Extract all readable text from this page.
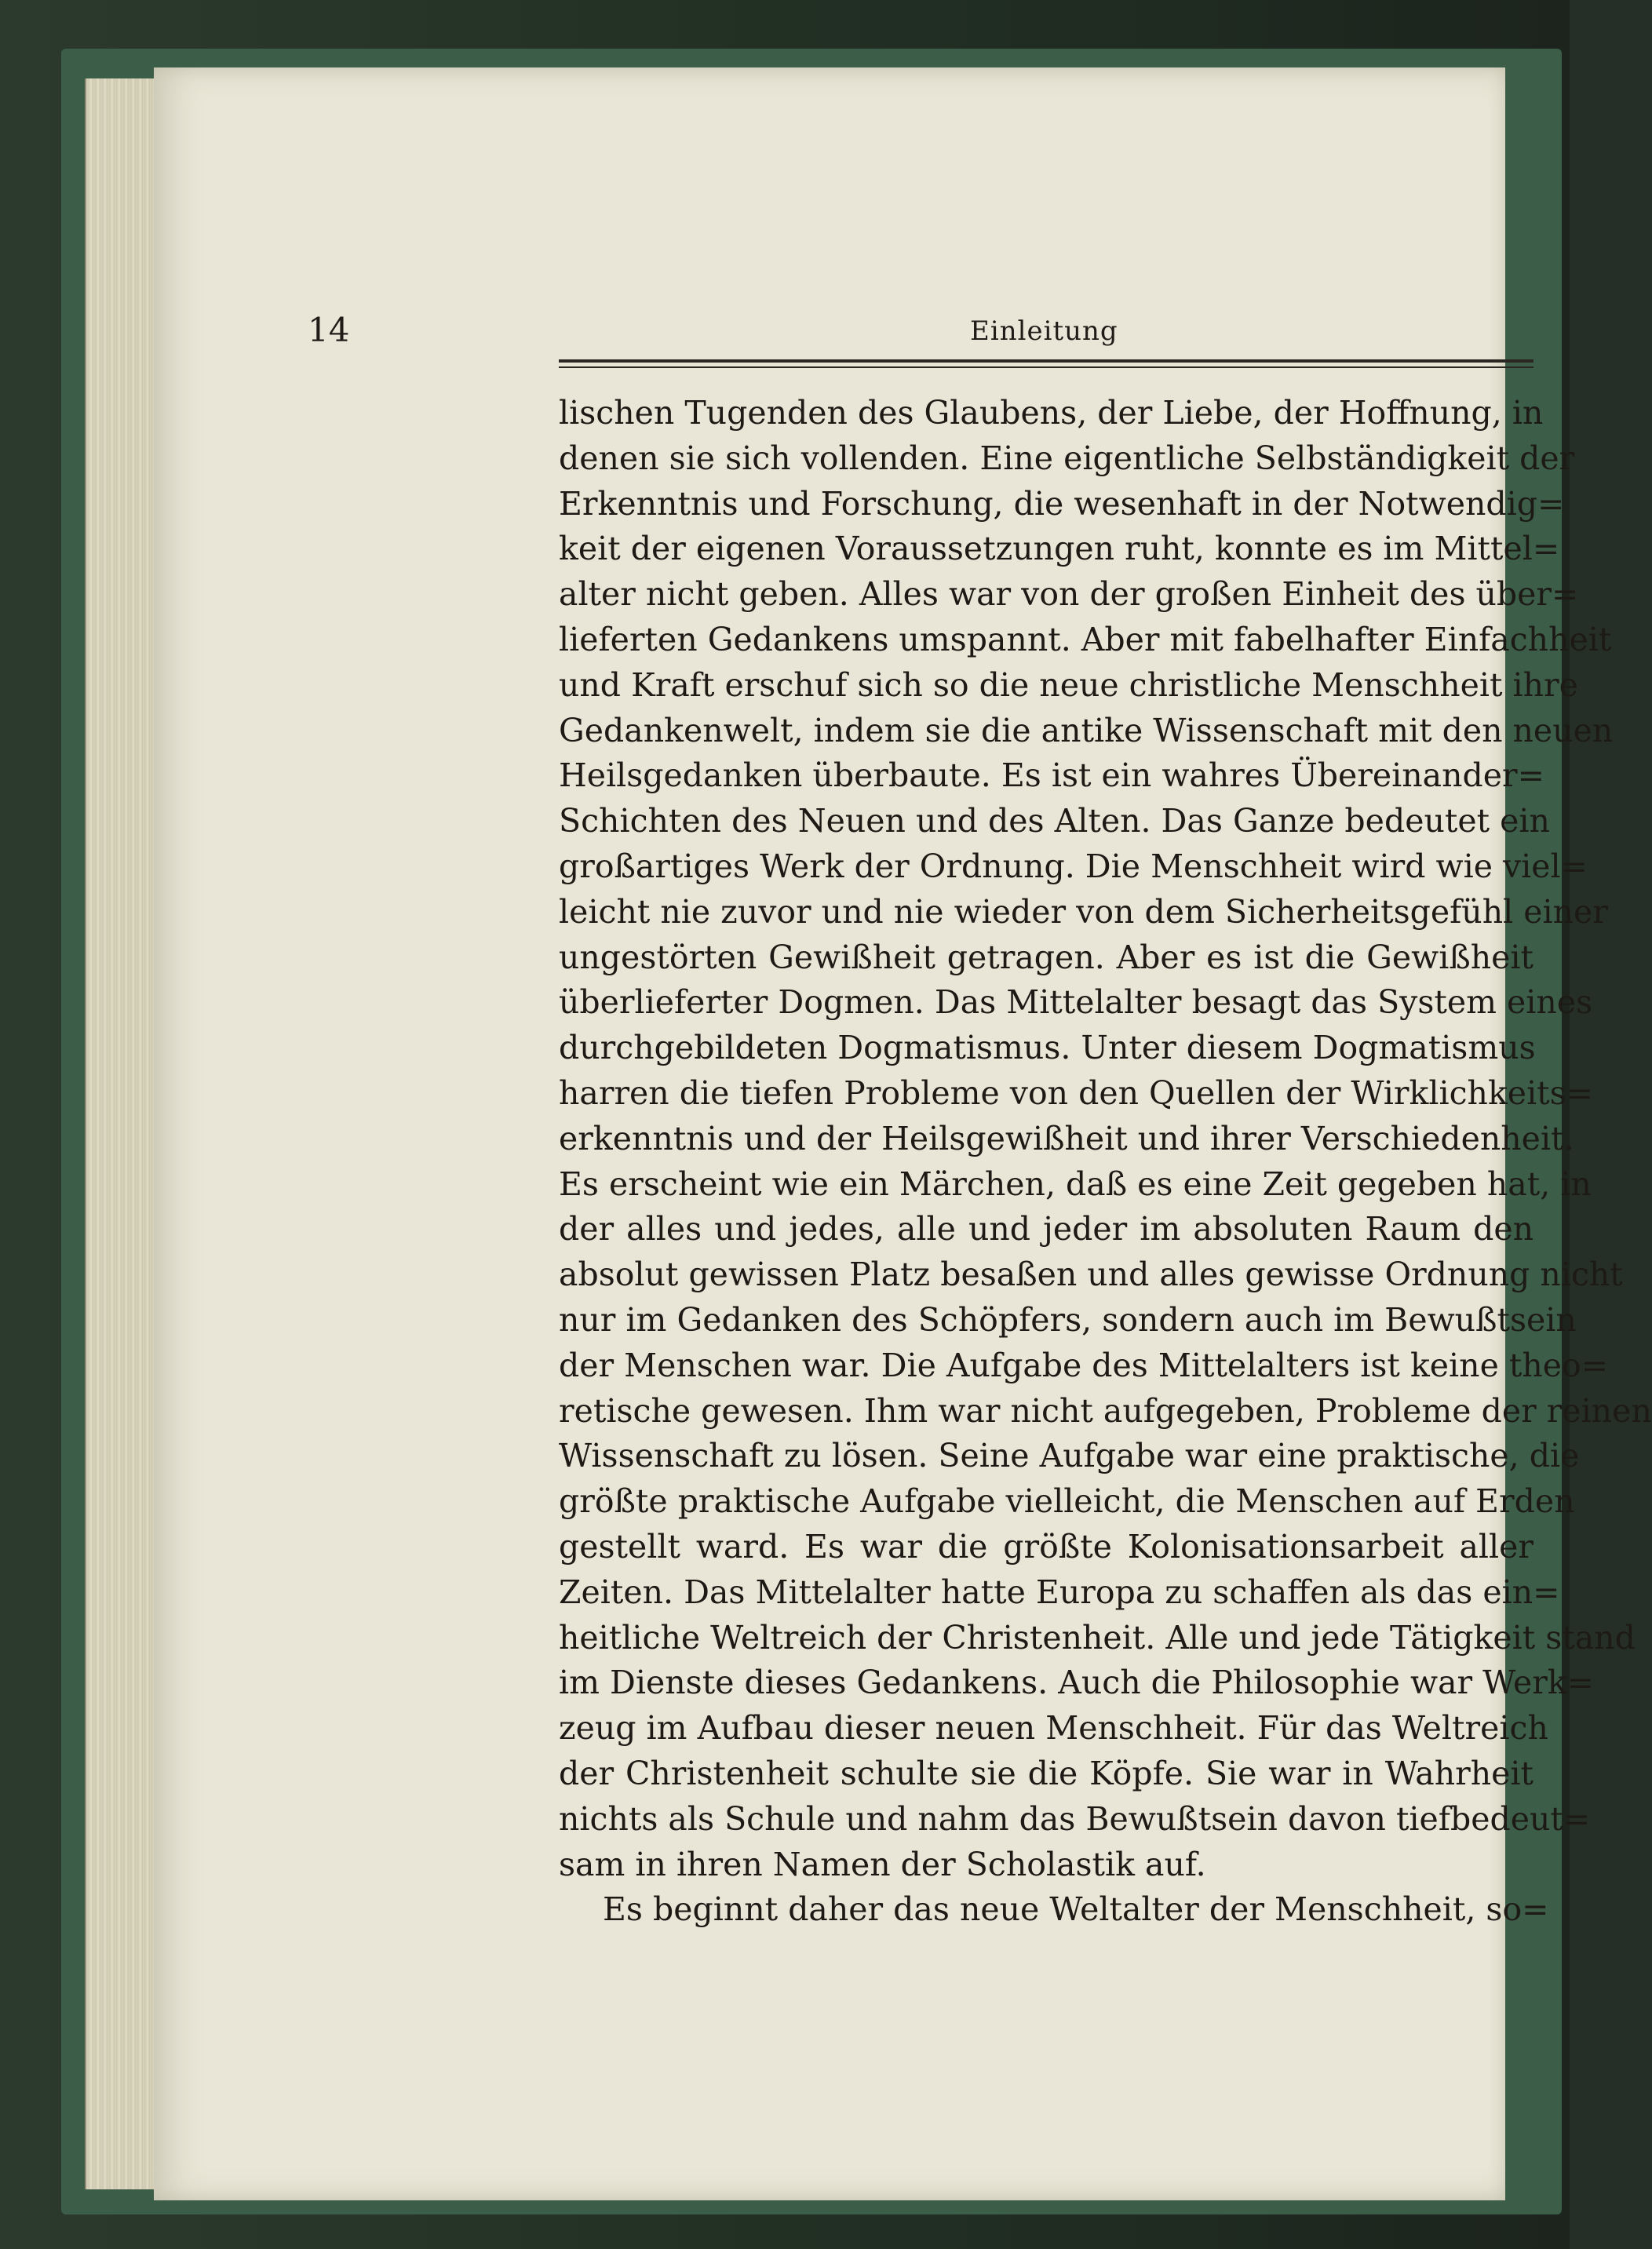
14	Einleitung
lischen Tugenden des Glaubens, der Liebe, der Hoffnung, in
denen sie sich vollenden. Eine eigentliche Selbständigkeit der
Erkenntnis und Forschung, die wesenhaft in der Notwendig=
keit der eigenen Voraussetzungen ruht, konnte es im Mittel=
alter nicht geben. Alles war von der großen Einheit des über=
lieferten Gedankens umspannt. Aber mit fabelhafter Einfachheit
und Kraft erschuf sich so die neue christliche Menschheit ihre
Gedankenwelt, indem sie die antike Wissenschaft mit den neuen
Heilsgedanken überbaute. Es ist ein wahres Übereinander=
Schichten des Neuen und des Alten. Das Ganze bedeutet ein
großartiges Werk der Ordnung. Die Menschheit wird wie viel=
leicht nie zuvor und nie wieder von dem Sicherheitsgefühl einer
ungestörten Gewißheit getragen. Aber es ist die Gewißheit
überlieferter Dogmen. Das Mittelalter besagt das System eines
durchgebildeten Dogmatismus. Unter diesem Dogmatismus
harren die tiefen Probleme von den Quellen der Wirklichkeits=
erkenntnis und der Heilsgewißheit und ihrer Verschiedenheit.
Es erscheint wie ein Märchen, daß es eine Zeit gegeben hat, in
der alles und jedes, alle und jeder im absoluten Raum den
absolut gewissen Platz besaßen und alles gewisse Ordnung nicht
nur im Gedanken des Schöpfers, sondern auch im Bewußtsein
der Menschen war. Die Aufgabe des Mittelalters ist keine theo=
retische gewesen. Ihm war nicht aufgegeben, Probleme der reinen
Wissenschaft zu lösen. Seine Aufgabe war eine praktische, die
größte praktische Aufgabe vielleicht, die Menschen auf Erden
gestellt ward. Es war die größte Kolonisationsarbeit aller
Zeiten. Das Mittelalter hatte Europa zu schaffen als das ein=
heitliche Weltreich der Christenheit. Alle und jede Tätigkeit stand
im Dienste dieses Gedankens. Auch die Philosophie war Werk=
zeug im Aufbau dieser neuen Menschheit. Für das Weltreich
der Christenheit schulte sie die Köpfe. Sie war in Wahrheit
nichts als Schule und nahm das Bewußtsein davon tiefbedeut=
sam in ihren Namen der Scholastik auf.
Es beginnt daher das neue Weltalter der Menschheit, so=
